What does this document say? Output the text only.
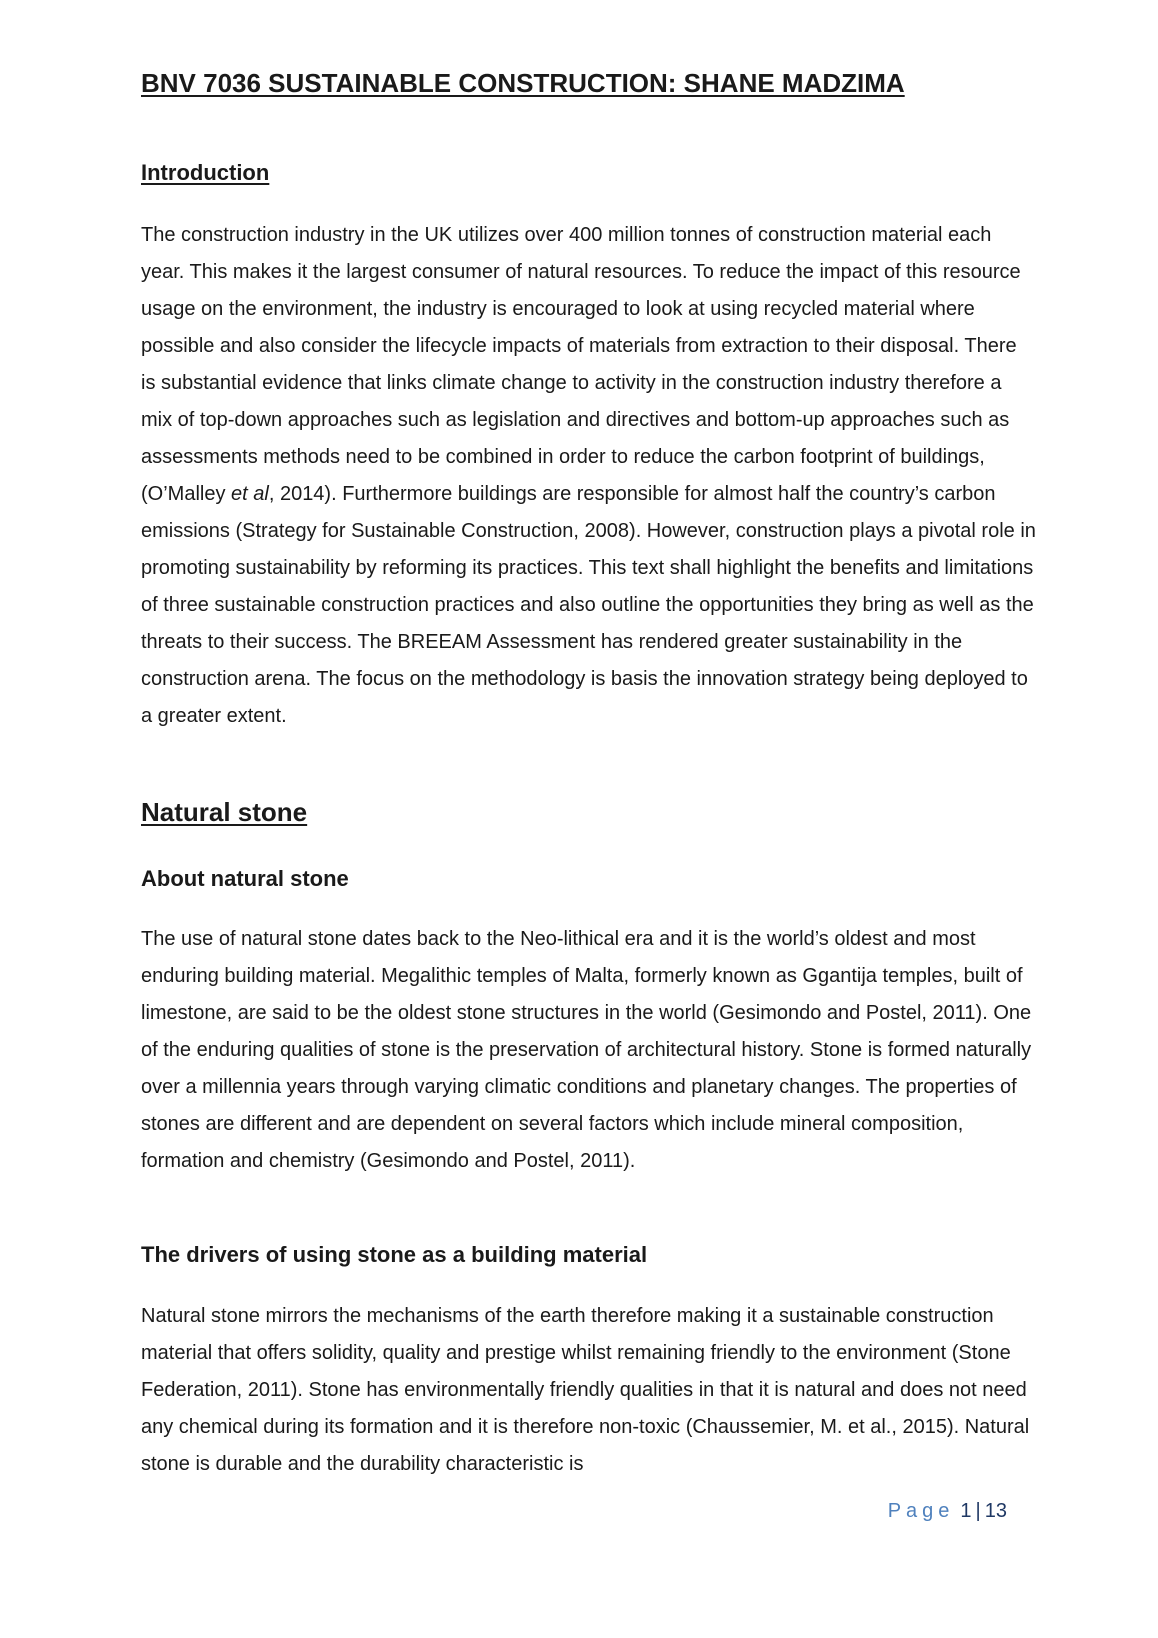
BNV 7036 SUSTAINABLE CONSTRUCTION: SHANE MADZIMA
Introduction

The construction industry in the UK utilizes over 400 million tonnes of construction material each year. This makes it the largest consumer of natural resources. To reduce the impact of this resource usage on the environment, the industry is encouraged to look at using recycled material where possible and also consider the lifecycle impacts of materials from extraction to their disposal. There is substantial evidence that links climate change to activity in the construction industry therefore a mix of top-down approaches such as legislation and directives and bottom-up approaches such as assessments methods need to be combined in order to reduce the carbon footprint of buildings, (O’Malley et al, 2014). Furthermore buildings are responsible for almost half the country’s carbon emissions (Strategy for Sustainable Construction, 2008). However, construction plays a pivotal role in promoting sustainability by reforming its practices. This text shall highlight the benefits and limitations of three sustainable construction practices and also outline the opportunities they bring as well as the threats to their success. The BREEAM Assessment has rendered greater sustainability in the construction arena. The focus on the methodology is basis the innovation strategy being deployed to a greater extent.

Natural stone
About natural stone

The use of natural stone dates back to the Neo-lithical era and it is the world’s oldest and most enduring building material. Megalithic temples of Malta, formerly known as Ggantija temples, built of limestone, are said to be the oldest stone structures in the world (Gesimondo and Postel, 2011). One of the enduring qualities of stone is the preservation of architectural history. Stone is formed naturally over a millennia years through varying climatic conditions and planetary changes. The properties of stones are different and are dependent on several factors which include mineral composition, formation and chemistry (Gesimondo and Postel, 2011).

The drivers of using stone as a building material

Natural stone mirrors the mechanisms of the earth therefore making it a sustainable construction material that offers solidity, quality and prestige whilst remaining friendly to the environment (Stone Federation, 2011). Stone has environmentally friendly qualities in that it is natural and does not need any chemical during its formation and it is therefore non-toxic (Chaussemier, M. et al., 2015). Natural stone is durable and the durability characteristic is

Page 1 | 13
